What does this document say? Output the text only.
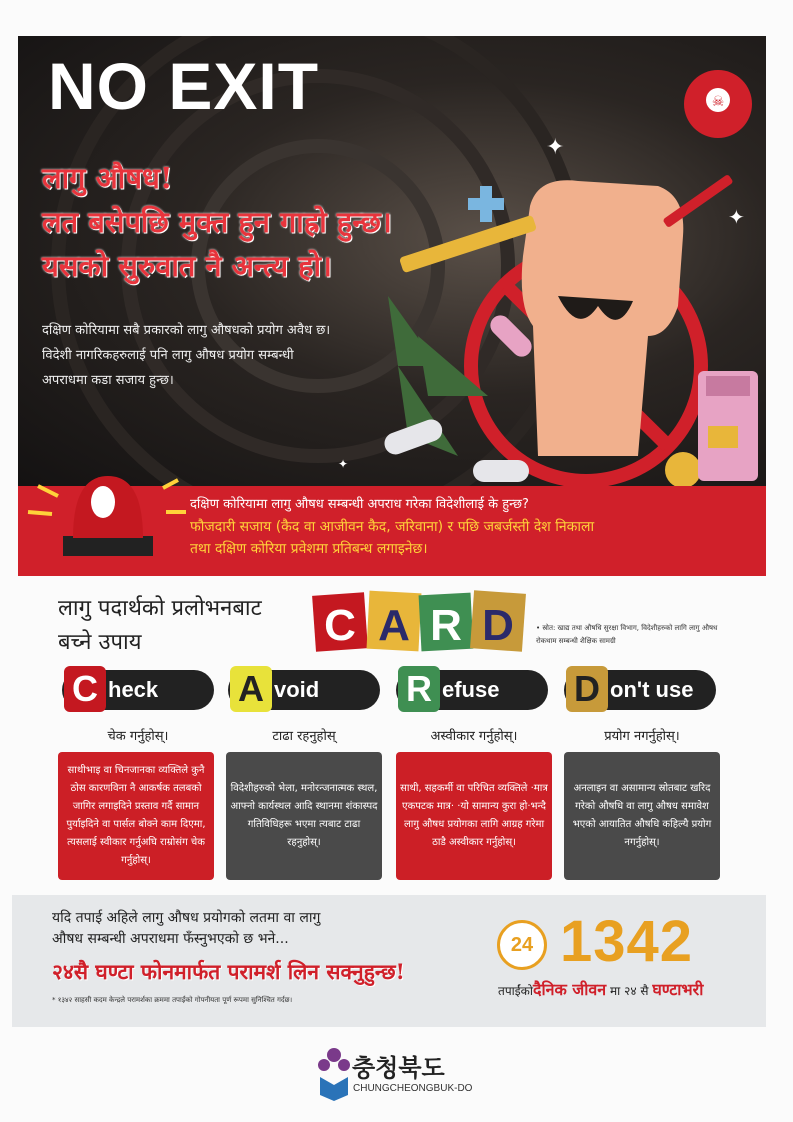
☠
✦
✦
✦
NO EXIT
लागु औषध!
लत बसेपछि मुक्त हुन गाह्रो हुन्छ।
यसको सुरुवात नै अन्त्य हो।
दक्षिण कोरियामा सबै प्रकारको लागु औषधको प्रयोग अवैध छ।
विदेशी नागरिकहरुलाई पनि लागु औषध प्रयोग सम्बन्धी
अपराधमा कडा सजाय हुन्छ।
दक्षिण कोरियामा लागु औषध सम्बन्धी अपराध गरेका विदेशीलाई के हुन्छ?
फौजदारी सजाय (कैद वा आजीवन कैद, जरिवाना) र पछि जबर्जस्ती देश निकाला
तथा दक्षिण कोरिया प्रवेशमा प्रतिबन्ध लगाइनेछ।
लागु पदार्थको प्रलोभनबाट
बच्ने उपाय	C A R D	• स्रोत: खाद्य तथा औषधि सुरक्षा विभाग, विदेशीहरुको लागि लागु औषध रोकथाम सम्बन्धी शैक्षिक सामग्री
C heck A void R efuse D on't use
चेक गर्नुहोस्।	टाढा रहनुहोस्	अस्वीकार गर्नुहोस्।	प्रयोग नगर्नुहोस्।
साथीभाइ वा चिनजानका व्यक्तिले कुनै ठोस कारणविना नै आकर्षक तलबको जागिर लगाइदिने प्रस्ताव गर्दै सामान पुर्याइदिने वा पार्सल बोक्ने काम दिएमा, त्यसलाई स्वीकार गर्नुअघि राम्रोसंग चेक गर्नुहोस्।
विदेशीहरुको भेला, मनोरन्जनात्मक स्थल, आफ्नो कार्यस्थल आदि स्थानमा शंकास्पद गतिविधिहरू भएमा त्यबाट टाढा रहनुहोस्।
साथी, सहकर्मी वा परिचित व्यक्तिले ·मात्र एकपटक मात्र· ·यो सामान्य कुरा हो·भन्दै लागु औषध प्रयोगका लागि आग्रह गरेमा ठाडै अस्वीकार गर्नुहोस्।
अनलाइन वा असामान्य स्रोतबाट खरिद गरेको औषधि वा लागु औषध समावेश भएको आयातित औषधि कहिल्यै प्रयोग नगर्नुहोस्।
यदि तपाई अहिले लागु औषध प्रयोगको लतमा वा लागु
औषध सम्बन्धी अपराधमा फँस्नुभएको छ भने...
२४सै घण्टा फोनमार्फत परामर्श लिन सक्नुहुन्छ!
* १३४२ साहसी कदम केन्द्रले परामर्शका क्रममा तपाईंको गोपनीयता पूर्ण रूपमा सुनिश्चित गर्दछ।
24 1342
तपाईंकोदैनिक जीवन मा २४ सै घण्टाभरी
충청북도
CHUNGCHEONGBUK-DO
